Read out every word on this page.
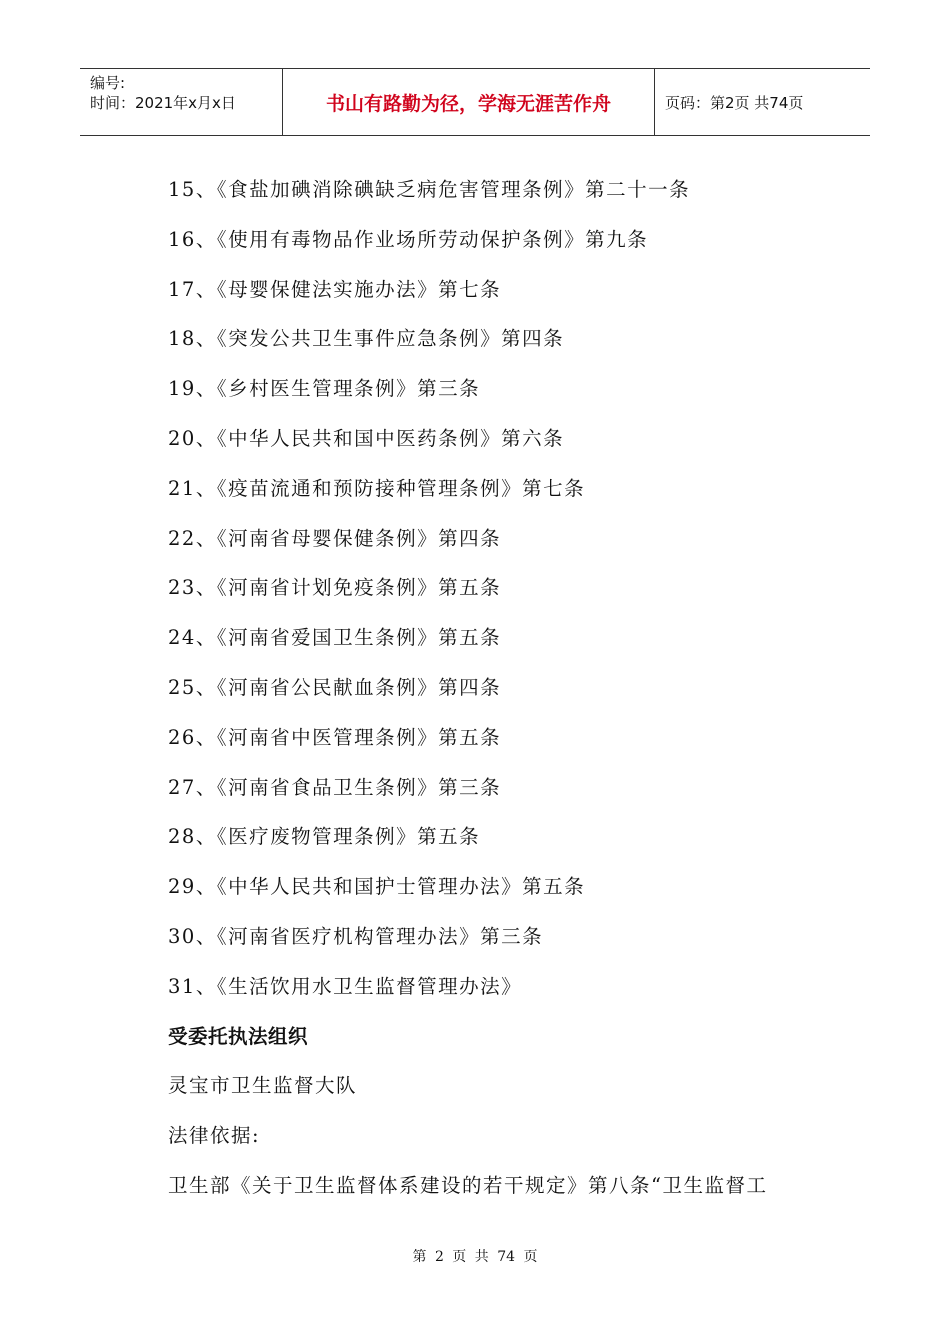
编号:
时间：2021年x月x日	书山有路勤为径，学海无涯苦作舟	页码：第2页 共74页
15、《食盐加碘消除碘缺乏病危害管理条例》第二十一条
16、《使用有毒物品作业场所劳动保护条例》第九条
17、《母婴保健法实施办法》第七条
18、《突发公共卫生事件应急条例》第四条
19、《乡村医生管理条例》第三条
20、《中华人民共和国中医药条例》第六条
21、《疫苗流通和预防接种管理条例》第七条
22、《河南省母婴保健条例》第四条
23、《河南省计划免疫条例》第五条
24、《河南省爱国卫生条例》第五条
25、《河南省公民献血条例》第四条
26、《河南省中医管理条例》第五条
27、《河南省食品卫生条例》第三条
28、《医疗废物管理条例》第五条
29、《中华人民共和国护士管理办法》第五条
30、《河南省医疗机构管理办法》第三条
31、《生活饮用水卫生监督管理办法》
受委托执法组织
灵宝市卫生监督大队
法律依据:
卫生部《关于卫生监督体系建设的若干规定》第八条“卫生监督工
第 2 页 共 74 页
